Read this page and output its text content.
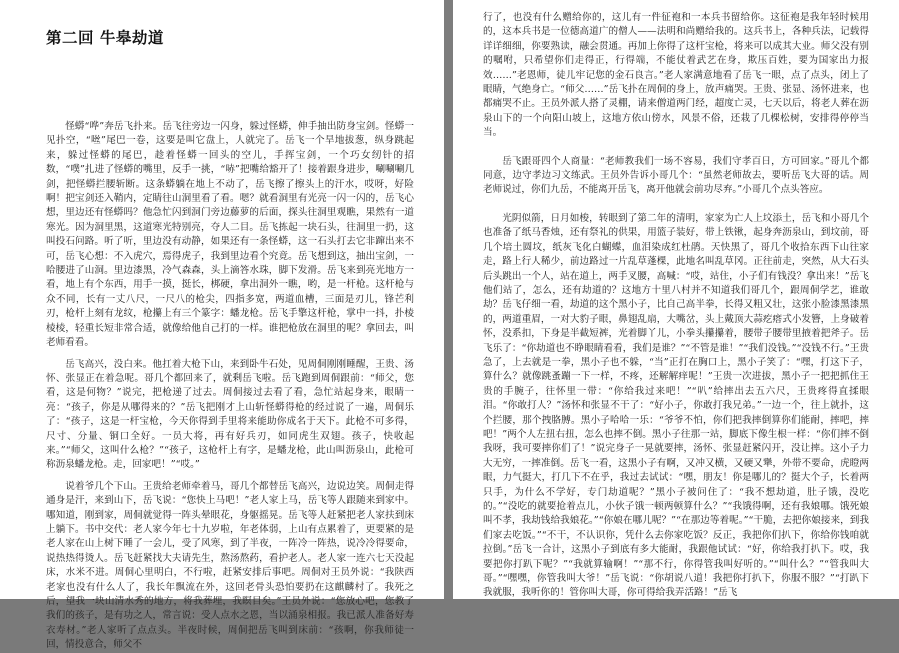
第二回 牛皋劫道

怪蟒“哗”奔岳飞扑来。岳飞往旁边一闪身，躲过怪蟒，伸手抽出防身宝剑。怪蟒一见扑空，“咝”尾巴一卷，这要是叫它盘上，人就完了。岳飞一个旱地拔葱，纵身跳起来，躲过怪蟒的尾巴，趁着怪蟒一回头的空儿，手挥宝剑，一个巧女纫针的招数，“噗”扎进了怪蟒的嘴里，反手一挑，“哧”把嘴给豁开了！接着跟身进步，唰唰唰几剑，把怪蟒拦腰斩断。这条蟒躺在地上不动了，岳飞擦了擦头上的汗水，哎呀，好险啊！把宝剑还入鞘内，定睛往山洞里看了看。嗯？就看洞里有光亮一闪一闪的，岳飞心想，里边还有怪蟒吗？他急忙闪到洞门旁边藤萝的后面，探头往洞里观瞧，果然有一道寒光。因为洞里黑，这道寒光特别亮，夺人二目。岳飞拣起一块石头，往洞里一扔，这叫投石问路。听了听，里边没有动静，如果还有一条怪蟒，这一石头打去它非蹿出来不可，岳飞心想：不入虎穴，焉得虎子，我到里边看个究竟。岳飞想到这，抽出宝剑，一哈腰进了山洞。里边漆黑，冷气森森，头上滴答水珠，脚下发滑。岳飞来到亮光地方一看，地上有个东西，用手一摸，挺长，梆硬，拿出洞外一瞧，哟，是一杆枪。这杆枪与众不同，长有一丈八尺，一尺八的枪尖，四指多宽，两道血槽，三面是刃儿，锋芒利刃，枪杆上刻有龙纹，枪攥上有三个篆字：蟠龙枪。岳飞手擎这杆枪，掌中一抖，扑棱棱棱，轻重长短非常合适，就像给他自己打的一样。谁把枪放在洞里的呢？拿回去，叫老师看看。

岳飞高兴，没白来。他扛着大枪下山，来到卧牛石处，见周侗刚刚睡醒，王贵、汤怀、张显正在着急呢。哥几个都回来了，就剩岳飞啦。岳飞跑到周侗跟前：“师父，您看，这是何物？”说完，把枪递了过去。周侗接过去看了看，急忙站起身来，眼睛一亮：“孩子，你是从哪得来的？”岳飞把刚才上山斩怪蟒得枪的经过说了一遍，周侗乐了：“孩子，这是一杆宝枪，今天你得到手里将来能助你成名于天下。此枪不可多得，尺寸、分量、铜口全好。一员大将，再有好兵刃，如同虎生双翅。孩子，快收起来。”“师父，这叫什么枪？”“孩子，这枪杆上有字，是蟠龙枪，此山叫沥泉山，此枪可称沥泉蟠龙枪。走，回家吧！”“哎。”

说着爷几个下山。王贵给老师牵着马，哥几个都替岳飞高兴，边说边笑。周侗走得通身是汗，来到山下，岳飞说：“您快上马吧！”老人家上马，岳飞等人跟随来到家中。哪知道，刚到家，周侗就觉得一阵头晕眼花，身躯摇晃。岳飞等人赶紧把老人家扶到床上躺下。书中交代：老人家今年七十九岁啦，年老体弱，上山有点累着了，更要紧的是老人家在山上树下睡了一会儿，受了风寒，到了半夜，一阵冷一阵热，说冷冷得要命，说热热得烫人。岳飞赶紧找大夫请先生，熬汤熬药，看护老人。老人家一连六七天没起床，水米不进。周侗心里明白，不行啦，赶紧安排后事吧。周侗对王员外说：“我陕西老家也没有什么人了，我长年飘流在外，这回老骨头恐怕要扔在这麒麟村了。我死之后，望我一块山清水秀的地方，将我葬埋，我瞑目矣。”王员外说：“您放心吧，您教了我们的孩子，是有功之人，常言说：受人点水之恩，当以涌泉相报。我已派人准备好寿衣寿材。”老人家听了点点头。半夜时候，周侗把岳飞叫到床前：“孩啊，你我师徒一回，情投意合，师父不

行了，也没有什么赠给你的，这儿有一件征袍和一本兵书留给你。这征袍是我年轻时候用的，这本兵书是一位德高道广的僧人——法明和尚赠给我的。这兵书上，各种兵法，记载得详详细细，你要熟读，融会贯通。再加上你得了这杆宝枪，将来可以成其大业。师父没有别的嘱咐，只希望你们走得正，行得端，不能仗着武艺在身，欺压百姓，要为国家出力报效……”老恩师，徒儿牢记您的金石良言。”老人家满意地看了岳飞一眼，点了点头，闭上了眼睛，气绝身亡。“师父……”岳飞扑在周侗的身上，放声痛哭。王贵、张显、汤怀进来，也都痛哭不止。王员外派人搭了灵棚，请来僧道两门经，超度亡灵，七天以后，将老人葬在沥泉山下的一个向阳山坡上，这地方依山傍水，风景不俗，还栽了几棵松树，安排得停停当当。

岳飞跟哥四个人商量：“老师教我们一场不容易，我们守孝百日，方可回家。”哥儿个都同意，边守孝边习文练武。王员外告诉小哥几个：“虽然老师故去，要听岳飞大哥的话。周老师说过，你们九岳，不能离开岳飞，离开他就会前功尽弃。”小哥几个点头答应。

光阴似箭，日月如梭，转眼到了第二年的清明，家家为亡人上坟添土，岳飞和小哥几个也准备了纸马香烛，还有祭礼的供果，用篮子装好，带上铁锹，起身奔沥泉山，到坟前，哥几个培土圆坟，纸灰飞化白蝴蝶，血泪染成红杜鹃。天快黑了，哥几个收拾东西下山往家走，路上行人稀少，前边路过一片乱草蓬棵，此地名叫乱草冈。正往前走，突然，从大石头后头跳出一个人，站在道上，两手叉腰，高喊：“哎，站住，小子们有钱没？拿出来！”岳飞他们站了，怎么，还有劫道的？这地方十里八村并不知道我们哥几个，跟周侗学艺，谁敢劫？岳飞仔细一看，劫道的这个黑小子，比自己高半拳，长得又粗又壮，这张小脸漆黑漆黑的，两道重眉，一对大豹子眼，鼻翅乱扇，大嘴岔，头上戴顶大蒜疙瘩式小发簪，上身破着怀，没系扣，下身是半截短裤，光着脚丫儿，小拳头攥攥着，腰带子腰带里掖着把斧子。岳飞乐了：“你劫道也不睁眼睛看看，我们是谁？”“不管是谁！”“我们没钱。”“没钱不行。”王贵急了，上去就是一拳，黑小子也不躲，“当”正打在胸口上，黑小子笑了：“嘿，打这下子，算什么？就像跳蚤蹦一下一样，不疼，还解解痒呢！”王贵一次进拔，黑小子一把把抓住王贵的手腕子，往怀里一带：“你给我过来吧！”“叭”给摔出去五六尺，王贵疼得直揉眼泪。“你敢打人？”汤怀和张显不干了：“好小子，你敢打我兄弟。”一边一个，往上就扑，这个拦腰，那个拽胳膊。黑小子哈哈一乐：“爷爷不怕，你们把我摔倒算你们能耐，摔吧，摔吧！”两个人左扭右扭，怎么也摔不倒。黑小子往那一站，脚底下像生根一样：“你们摔不倒我呀，我可要摔你们了！”说完身子一晃就要摔，汤怀、张显赶紧闪开，没让摔。这小子力大无穷，一摔准倒。岳飞一看，这黑小子有啊，又冲又横，又硬又犟，外带不要命，虎瞪两眼，力气挺大，打几下不在乎，我过去试试：“嘿，朋友！你是哪儿的？挺大个子，长着两只手，为什么不学好，专门劫道呢？”黑小子被问住了：“我不想劫道，肚子饿，没吃的。”“没吃的就要抢着点儿，小伙子饿一顿两顿算什么？”“我饿得啊，还有我娘哪。饿死娘叫不孝，我劫钱给我娘花。”“你娘在哪儿呢？”“在那边等着呢。”“干脆，去把你娘接来，到我们家去吃饭。”“不干，不认识你，凭什么去你家吃饭？反正，我把你们扒下，你给你钱咱就拉倒。”岳飞一合计，这黑小子到底有多大能耐，我跟他试试：“好，你给我打扒下。哎，我要把你打趴下呢？”“我就算输啊！”“那不行，你得管我叫好听的。”“叫什么？”“管我叫大哥。”“嘿嘿，你管我叫大爷！”岳飞说：“你胡说八道！我把你打扒下，你服不服？”“打趴下我就服，我听你的！管你叫大哥，你可得给我弄活路！”岳飞
